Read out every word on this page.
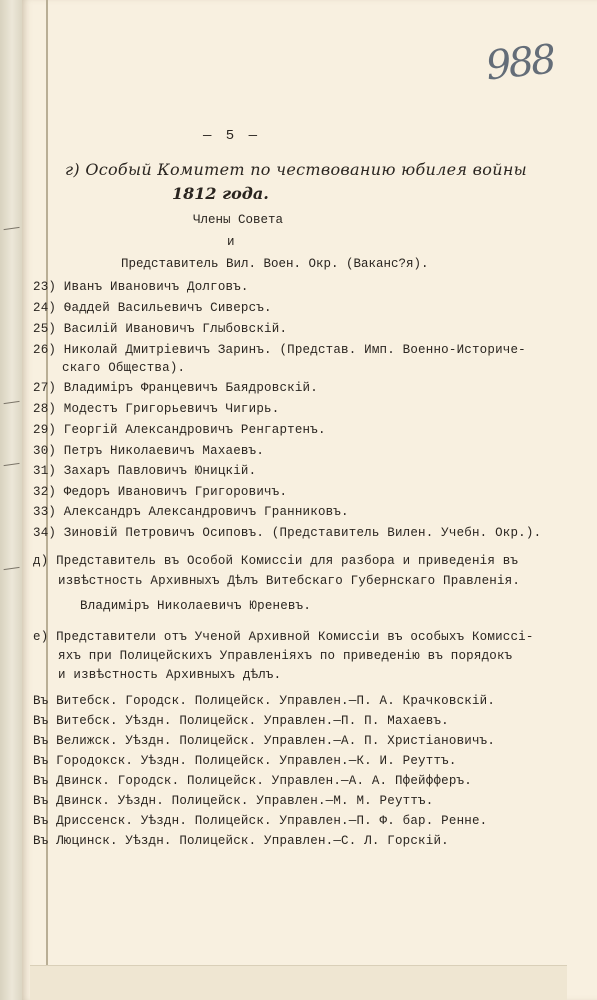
988
— 5 —
г) Особый Комитет по чествованию юбилея войны
1812 года.
Члены Совета
и
Представитель Вил. Воен. Окр. (Ваканс?я).
23) Иванъ Ивановичъ Долговъ.
24) Ѳаддей Васильевичъ Сиверсъ.
25) Василій Ивановичъ Глыбовскій.
26) Николай Дмитріевичъ Заринъ. (Представ. Имп. Военно-Историче-
скаго Общества).
27) Владиміръ Францевичъ Баядровскій.
28) Модестъ Григорьевичъ Чигирь.
29) Георгій Александровичъ Ренгартенъ.
30) Петръ Николаевичъ Махаевъ.
31) Захаръ Павловичъ Юницкій.
32) Федоръ Ивановичъ Григоровичъ.
33) Александръ Александровичъ Гранниковъ.
34) Зиновій Петровичъ Осиповъ. (Представитель Вилен. Учебн. Окр.).
д) Представитель въ Особой Комиссіи для разбора и приведенія въ
извѣстность Архивныхъ Дѣлъ Витебскаго Губернскаго Правленія.
Владиміръ Николаевичъ Юреневъ.
е) Представители отъ Ученой Архивной Комиссіи въ особыхъ Комиссі-
яхъ при Полицейскихъ Управленіяхъ по приведенію въ порядокъ
и извѣстность Архивныхъ дѣлъ.
Въ Витебск. Городск. Полицейск. Управлен.—П. А. Крачковскій.
Въ Витебск. Уѣздн. Полицейск. Управлен.—П. П. Махаевъ.
Въ Велижск. Уѣздн. Полицейск. Управлен.—А. П. Христіановичъ.
Въ Городокск. Уѣздн. Полицейск. Управлен.—К. И. Реуттъ.
Въ Двинск. Городск. Полицейск. Управлен.—А. А. Пфейфферъ.
Въ Двинск. Уѣздн. Полицейск. Управлен.—М. М. Реуттъ.
Въ Дриссенск. Уѣздн. Полицейск. Управлен.—П. Ф. бар. Ренне.
Въ Люцинск. Уѣздн. Полицейск. Управлен.—С. Л. Горскій.
